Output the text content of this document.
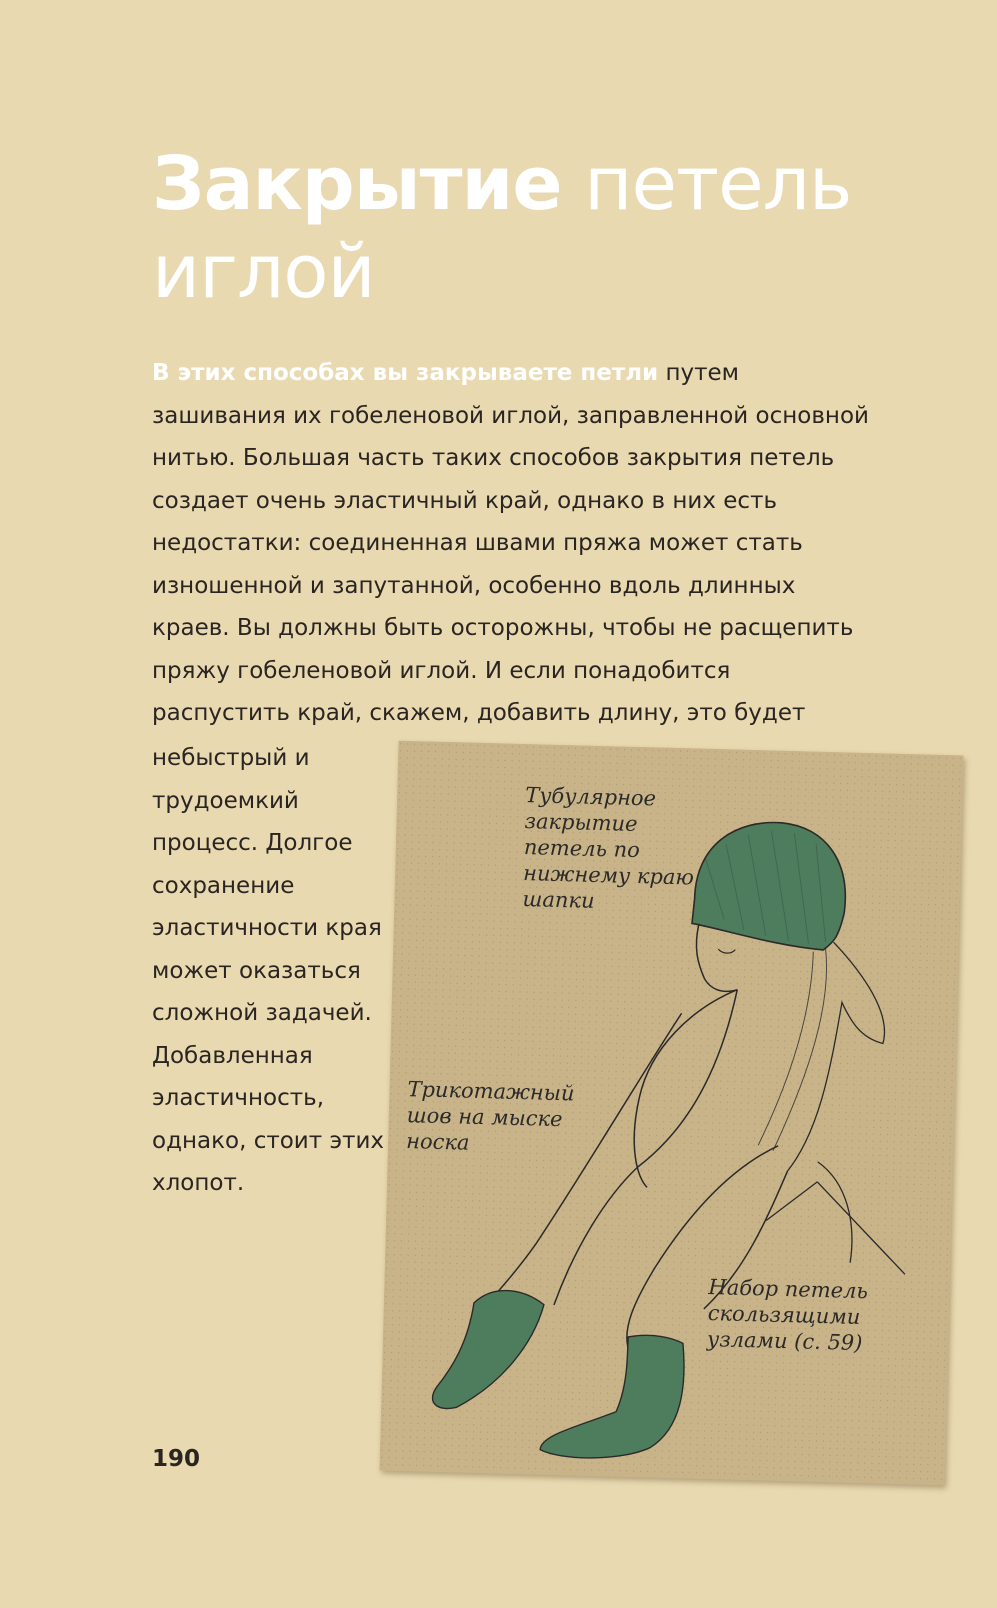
Закрытие петель
иглой

В этих способах вы закрываете петли путем зашивания их гобеленовой иглой, заправленной основной нитью. Большая часть таких способов закрытия петель создает очень эластичный край, однако в них есть недостатки: соединенная швами пряжа может стать изношенной и запутанной, особенно вдоль длинных краев. Вы должны быть осторожны, чтобы не расщепить пряжу гобеленовой иглой. И если понадобится распустить край, скажем, добавить длину, это будет

небыстрый и трудоемкий процесс. Долгое сохранение эластичности края может оказаться сложной задачей. Добавленная эластичность, однако, стоит этих хлопот.

Тубулярное закрытие петель по нижнему краю шапки
Трикотажный шов на мыске носка
Набор петель скользящими узлами (с. 59)
190
